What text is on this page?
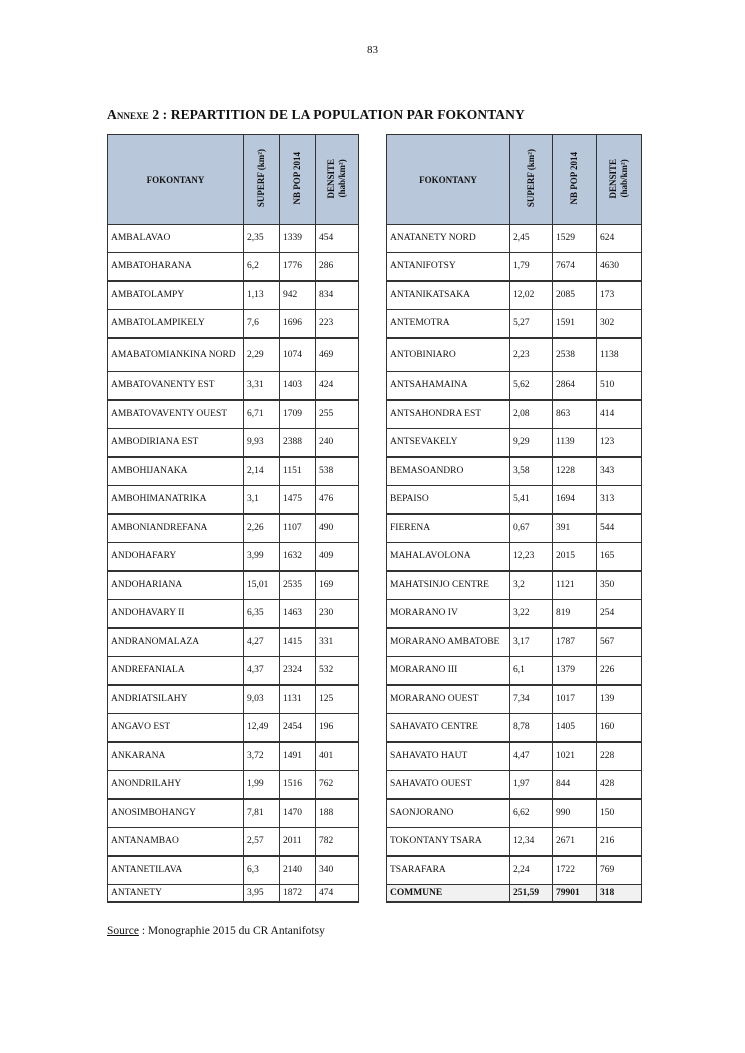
83
Annexe 2 : REPARTITION DE LA POPULATION PAR FOKONTANY
FOKONTANY	SUPERF (km²)	NB POP 2014	DENSITE
(hab/km²)
AMBALAVAO	2,35	1339	454
AMBATOHARANA	6,2	1776	286
AMBATOLAMPY	1,13	942	834
AMBATOLAMPIKELY	7,6	1696	223
AMABATOMIANKINA NORD	2,29	1074	469
AMBATOVANENTY EST	3,31	1403	424
AMBATOVAVENTY OUEST	6,71	1709	255
AMBODIRIANA EST	9,93	2388	240
AMBOHIJANAKA	2,14	1151	538
AMBOHIMANATRIKA	3,1	1475	476
AMBONIANDREFANA	2,26	1107	490
ANDOHAFARY	3,99	1632	409
ANDOHARIANA	15,01	2535	169
ANDOHAVARY II	6,35	1463	230
ANDRANOMALAZA	4,27	1415	331
ANDREFANIALA	4,37	2324	532
ANDRIATSILAHY	9,03	1131	125
ANGAVO EST	12,49	2454	196
ANKARANA	3,72	1491	401
ANONDRILAHY	1,99	1516	762
ANOSIMBOHANGY	7,81	1470	188
ANTANAMBAO	2,57	2011	782
ANTANETILAVA	6,3	2140	340
ANTANETY	3,95	1872	474
FOKONTANY	SUPERF (km²)	NB POP 2014	DENSITE
(hab/km²)
ANATANETY NORD	2,45	1529	624
ANTANIFOTSY	1,79	7674	4630
ANTANIKATSAKA	12,02	2085	173
ANTEMOTRA	5,27	1591	302
ANTOBINIARO	2,23	2538	1138
ANTSAHAMAINA	5,62	2864	510
ANTSAHONDRA EST	2,08	863	414
ANTSEVAKELY	9,29	1139	123
BEMASOANDRO	3,58	1228	343
BEPAISO	5,41	1694	313
FIERENA	0,67	391	544
MAHALAVOLONA	12,23	2015	165
MAHATSINJO CENTRE	3,2	1121	350
MORARANO IV	3,22	819	254
MORARANO AMBATOBE	3,17	1787	567
MORARANO III	6,1	1379	226
MORARANO OUEST	7,34	1017	139
SAHAVATO CENTRE	8,78	1405	160
SAHAVATO HAUT	4,47	1021	228
SAHAVATO OUEST	1,97	844	428
SAONJORANO	6,62	990	150
TOKONTANY TSARA	12,34	2671	216
TSARAFARA	2,24	1722	769
COMMUNE	251,59	79901	318
Source : Monographie 2015 du CR Antanifotsy
